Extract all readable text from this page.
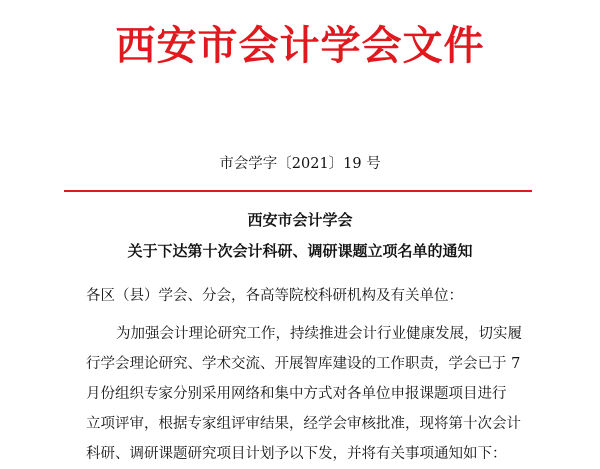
西安市会计学会文件
市会学字〔2021〕19 号
西安市会计学会
关于下达第十次会计科研、调研课题立项名单的通知
各区（县）学会、分会，各高等院校科研机构及有关单位：
为加强会计理论研究工作，持续推进会计行业健康发展，切实履
行学会理论研究、学术交流、开展智库建设的工作职责，学会已于 7
月份组织专家分别采用网络和集中方式对各单位申报课题项目进行
立项评审，根据专家组评审结果，经学会审核批准，现将第十次会计
科研、调研课题研究项目计划予以下发，并将有关事项通知如下：
